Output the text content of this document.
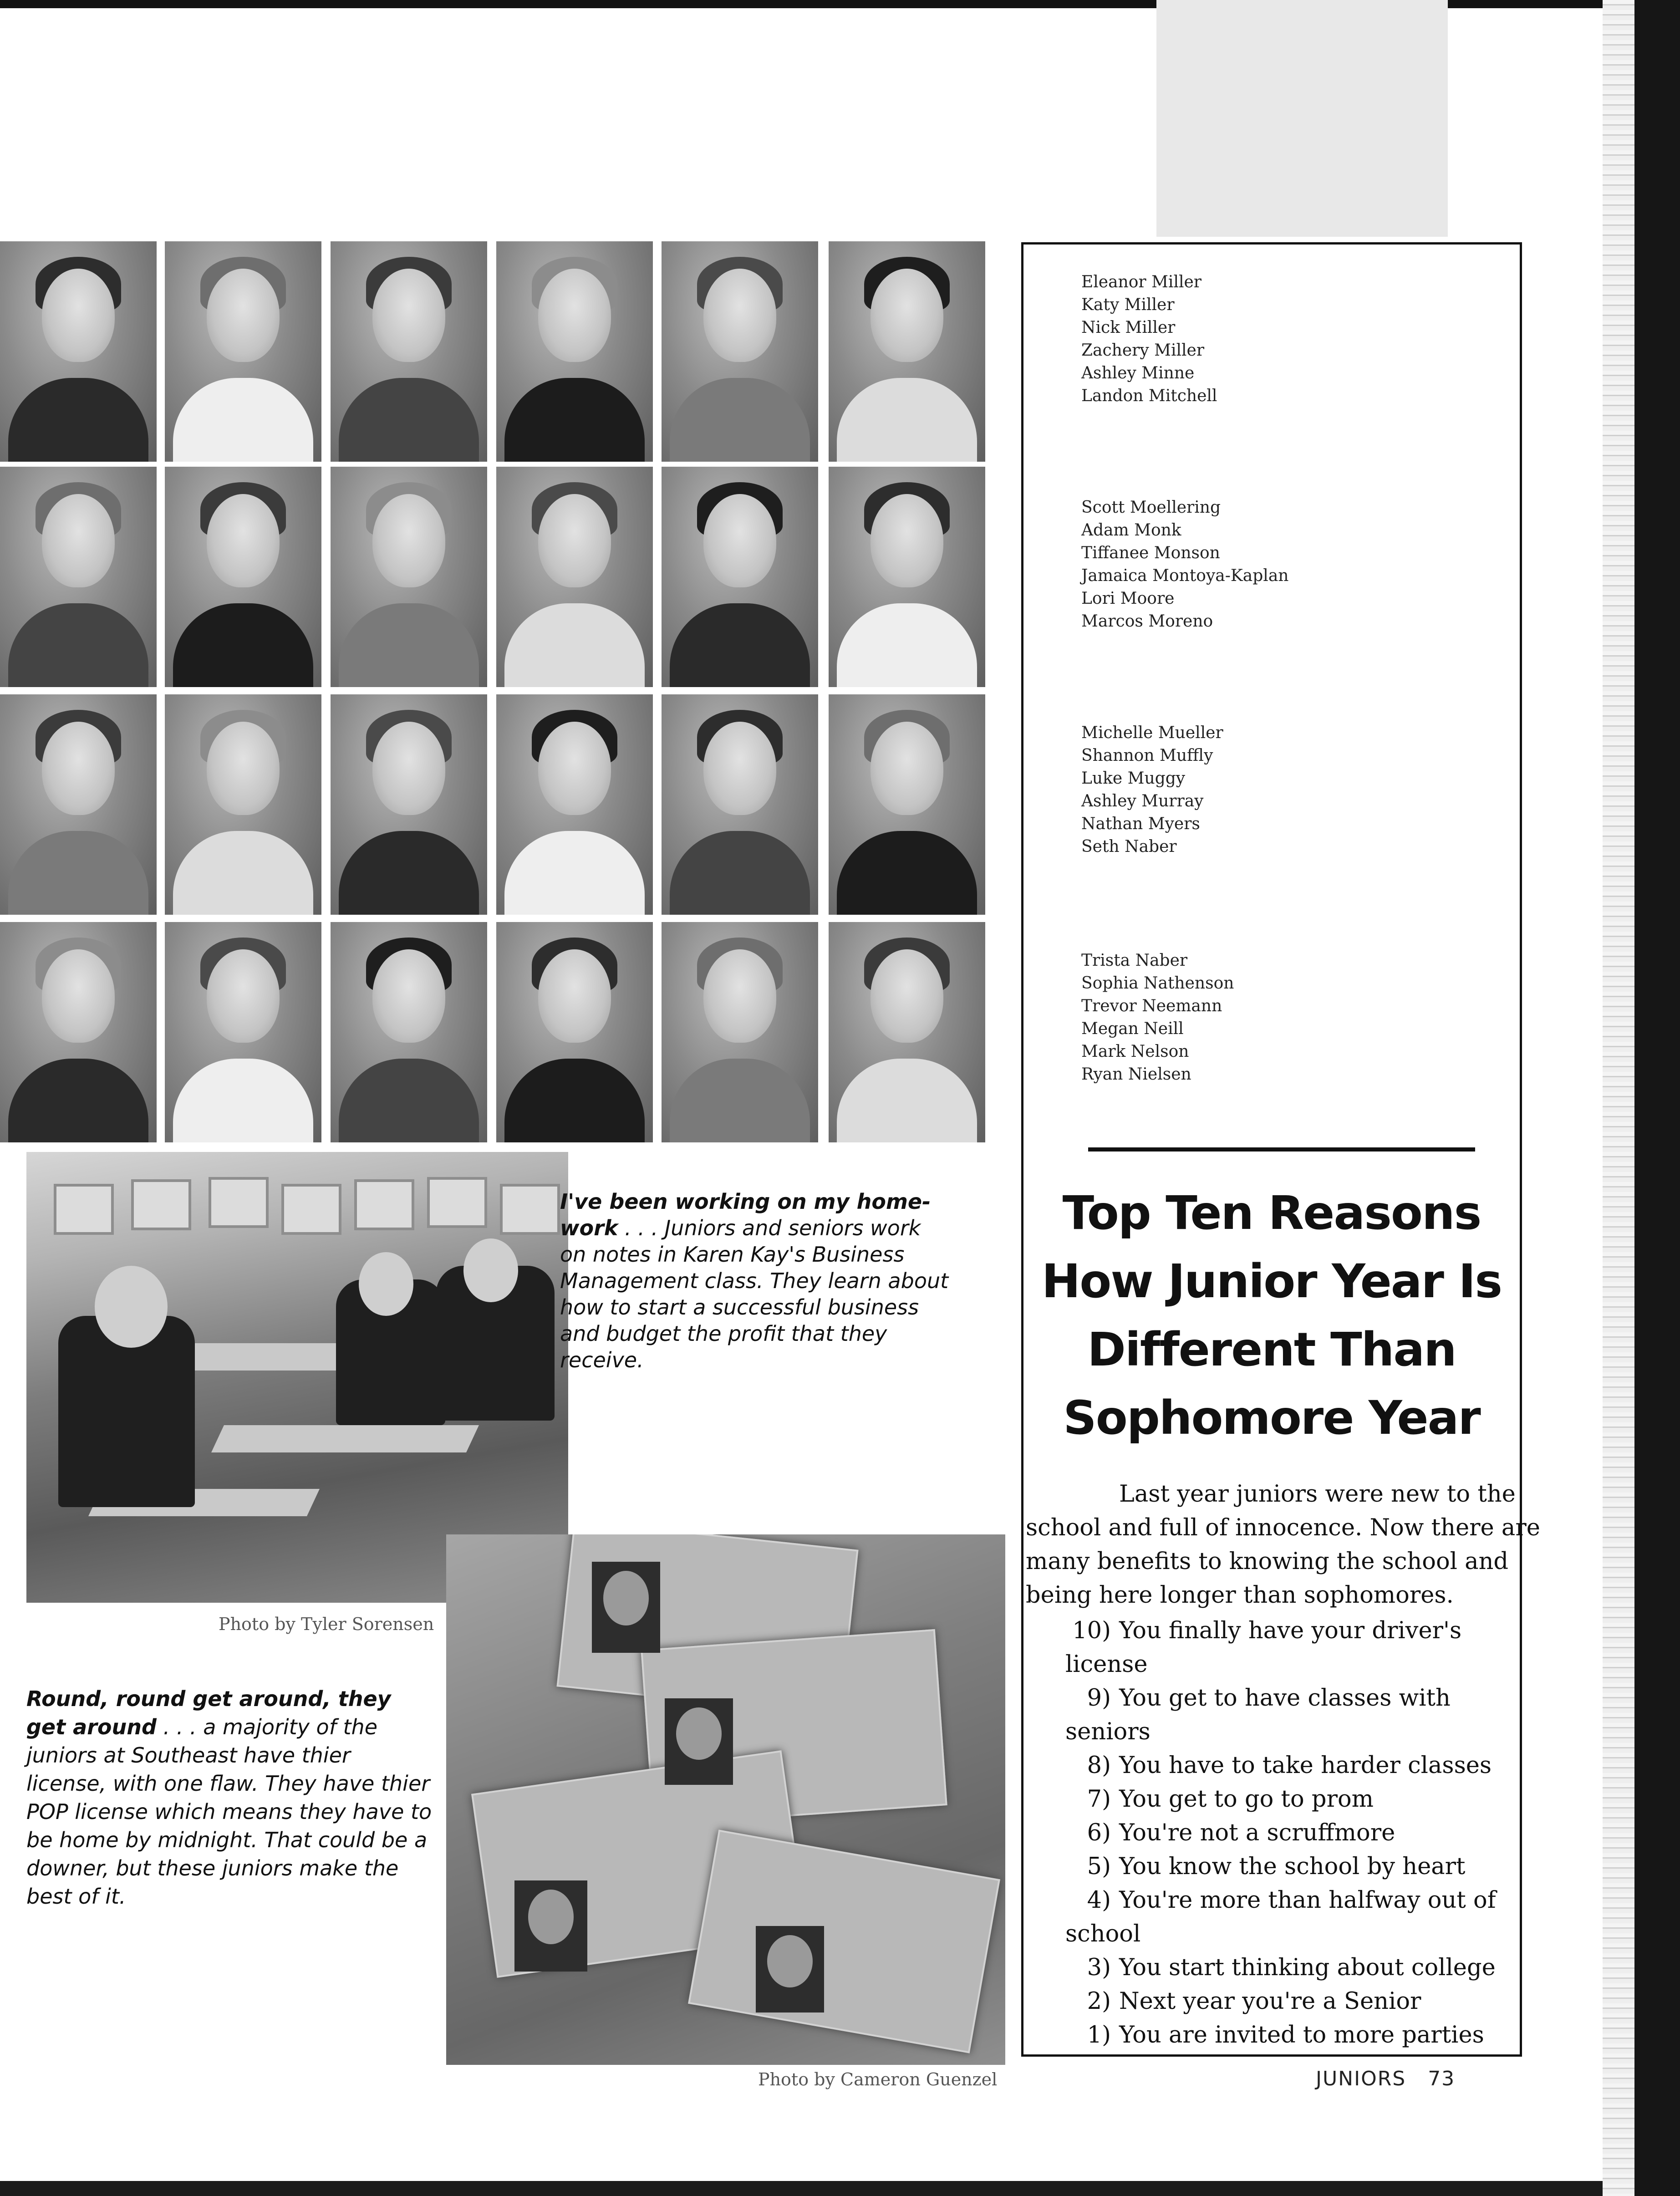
Eleanor Miller
Katy Miller
Nick Miller
Zachery Miller
Ashley Minne
Landon Mitchell
Scott Moellering
Adam Monk
Tiffanee Monson
Jamaica Montoya-Kaplan
Lori Moore
Marcos Moreno
Michelle Mueller
Shannon Muffly
Luke Muggy
Ashley Murray
Nathan Myers
Seth Naber
Trista Naber
Sophia Nathenson
Trevor Neemann
Megan Neill
Mark Nelson
Ryan Nielsen
Top Ten Reasons
How Junior Year Is
Different Than
Sophomore Year
Last year juniors were new to the
school and full of innocence. Now there are
many benefits to knowing the school and
being here longer than sophomores.
10) You finally have your driver's
license
9) You get to have classes with
seniors
8) You have to take harder classes
7) You get to go to prom
6) You're not a scruffmore
5) You know the school by heart
4) You're more than halfway out of
school
3) You start thinking about college
2) Next year you're a Senior
1) You are invited to more parties
JUNIORS 73
I've been working on my home-work . . . Juniors and seniors work on notes in Karen Kay's Business Management class. They learn about how to start a successful business and budget the profit that they receive.
Photo by Tyler Sorensen
Photo by Cameron Guenzel
Round, round get around, they get around . . . a majority of the juniors at Southeast have thier license, with one flaw. They have thier POP license which means they have to be home by midnight. That could be a downer, but these juniors make the best of it.
